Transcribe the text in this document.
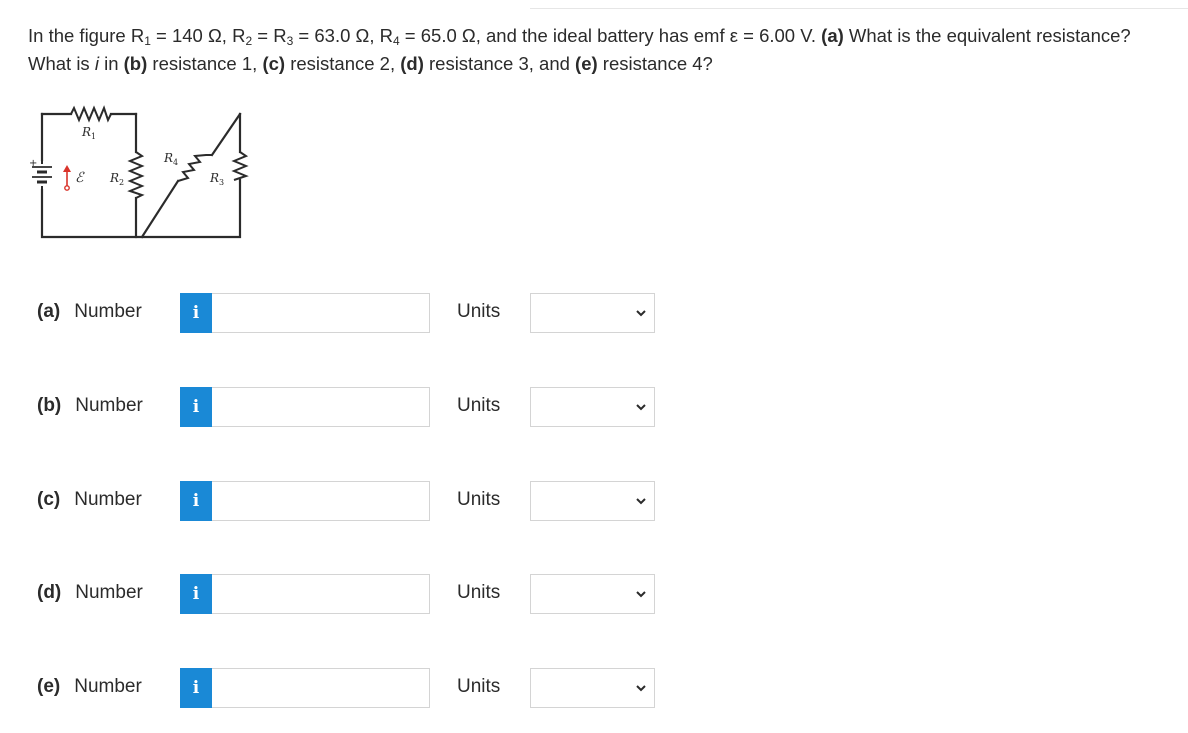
In the figure $R_1 = 140$ Ω, $R_2 = R_3 = 63.0$ Ω, $R_4 = 65.0$ Ω, and the ideal battery has emf ε = 6.00 V. (a) What is the equivalent resistance?
What is i in (b) resistance 1, (c) resistance 2, (d) resistance 3, and (e) resistance 4?
+
ℰ
$R_1$
$R_2$	$R_3$
$R_4$
(a) Number	i	Units
(b) Number	i	Units
(c) Number	i	Units
(d) Number	i	Units
(e) Number	i	Units
